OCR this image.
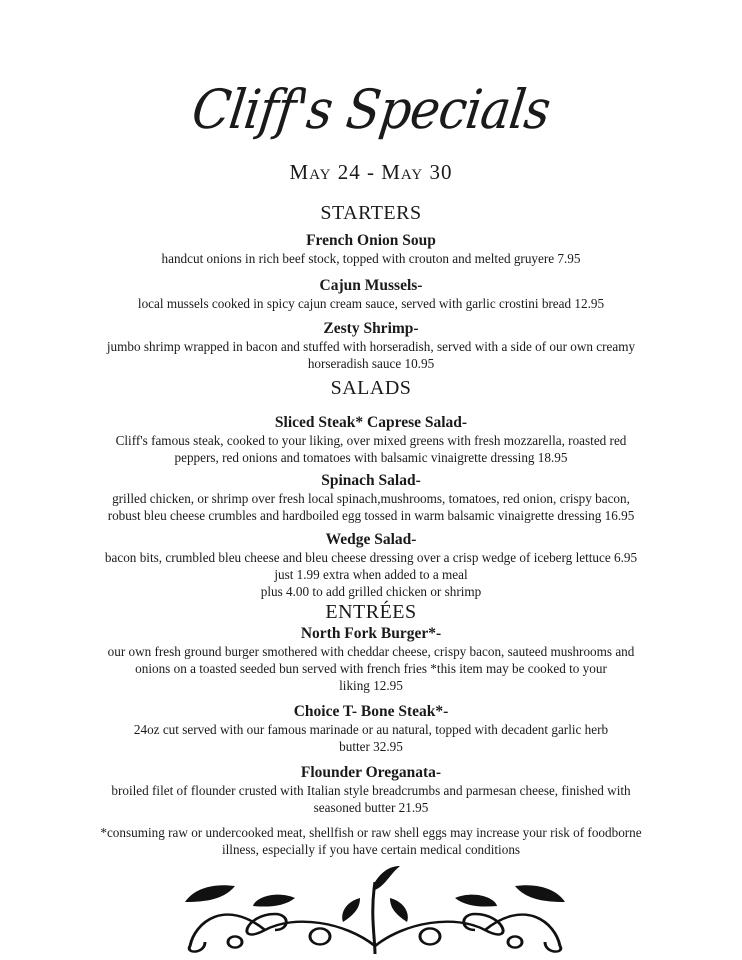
Cliff's Specials
May 24 - May 30
STARTERS
French Onion Soup
handcut onions in rich beef stock, topped with crouton and melted gruyere 7.95
Cajun Mussels-
local mussels cooked in spicy cajun cream sauce, served with garlic crostini bread 12.95
Zesty Shrimp-
jumbo shrimp wrapped in bacon and stuffed with horseradish, served with a side of our own creamy
horseradish sauce 10.95
SALADS
Sliced Steak* Caprese Salad-
Cliff's famous steak, cooked to your liking, over mixed greens with fresh mozzarella, roasted red
peppers, red onions and tomatoes with balsamic vinaigrette dressing 18.95
Spinach Salad-
grilled chicken, or shrimp over fresh local spinach,mushrooms, tomatoes, red onion, crispy bacon,
robust bleu cheese crumbles and hardboiled egg tossed in warm balsamic vinaigrette dressing 16.95
Wedge Salad-
bacon bits, crumbled bleu cheese and bleu cheese dressing over a crisp wedge of iceberg lettuce 6.95
just 1.99 extra when added to a meal
plus 4.00 to add grilled chicken or shrimp
ENTRÉES
North Fork Burger*-
our own fresh ground burger smothered with cheddar cheese, crispy bacon, sauteed mushrooms and
onions on a toasted seeded bun served with french fries *this item may be cooked to your
liking 12.95
Choice T- Bone Steak*-
24oz cut served with our famous marinade or au natural, topped with decadent garlic herb
butter 32.95
Flounder Oreganata-
broiled filet of flounder crusted with Italian style breadcrumbs and parmesan cheese, finished with
seasoned butter 21.95
*consuming raw or undercooked meat, shellfish or raw shell eggs may increase your risk of foodborne
illness, especially if you have certain medical conditions
